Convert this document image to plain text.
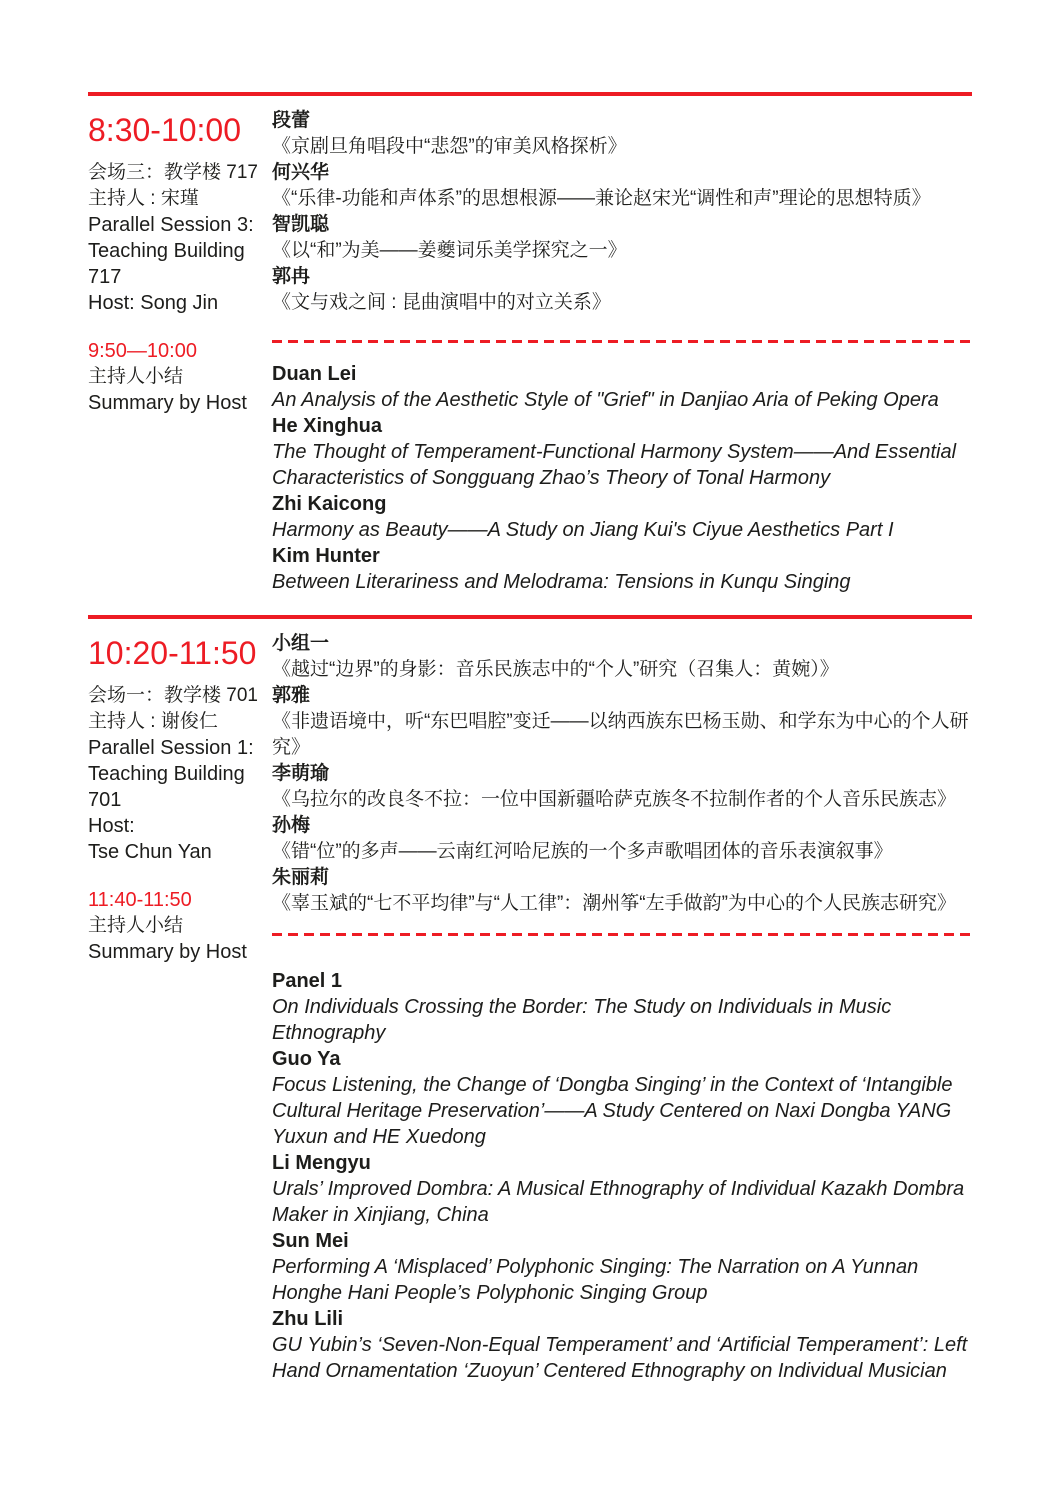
8:30-10:00

会场三：教学楼 717

主持人 : 宋瑾

Parallel Session 3:

Teaching Building

717

Host: Song Jin

9:50—10:00

主持人小结

Summary by Host

段蕾

《京剧旦角唱段中“悲怨”的审美风格探析》

何兴华

《“乐律-功能和声体系”的思想根源——兼论赵宋光“调性和声”理论的思想特质》

智凯聪

《以“和”为美——姜夔词乐美学探究之一》

郭冉

《文与戏之间 : 昆曲演唱中的对立关系》

Duan Lei

An Analysis of the Aesthetic Style of "Grief" in Danjiao Aria of Peking Opera

He Xinghua

The Thought of Temperament-Functional Harmony System——And Essential Characteristics of Songguang Zhao’s Theory of Tonal Harmony

Zhi Kaicong

Harmony as Beauty——A Study on Jiang Kui's Ciyue Aesthetics Part I

Kim Hunter

Between Literariness and Melodrama: Tensions in Kunqu Singing

10:20-11:50

会场一：教学楼 701

主持人 : 谢俊仁

Parallel Session 1:

Teaching Building

701

Host:

Tse Chun Yan

11:40-11:50

主持人小结

Summary by Host

小组一

《越过“边界”的身影：音乐民族志中的“个人”研究（召集人：黄婉）》

郭雅

《非遗语境中，听“东巴唱腔”变迁——以纳西族东巴杨玉勋、和学东为中心的个人研究》

李萌瑜

《乌拉尔的改良冬不拉：一位中国新疆哈萨克族冬不拉制作者的个人音乐民族志》

孙梅

《错“位”的多声——云南红河哈尼族的一个多声歌唱团体的音乐表演叙事》

朱丽莉

《辜玉斌的“七不平均律”与“人工律”：潮州筝“左手做韵”为中心的个人民族志研究》

Panel 1

On Individuals Crossing the Border: The Study on Individuals in Music Ethnography

Guo Ya

Focus Listening, the Change of ‘Dongba Singing’ in the Context of ‘Intangible Cultural Heritage Preservation’——A Study Centered on Naxi Dongba YANG Yuxun and HE Xuedong

Li Mengyu

Urals’ Improved Dombra: A Musical Ethnography of Individual Kazakh Dombra Maker in Xinjiang, China

Sun Mei

Performing A ‘Misplaced’ Polyphonic Singing: The Narration on A Yunnan Honghe Hani People’s Polyphonic Singing Group

Zhu Lili

GU Yubin’s ‘Seven-Non-Equal Temperament’ and ‘Artificial Temperament’: Left Hand Ornamentation ‘Zuoyun’ Centered Ethnography on Individual Musician
